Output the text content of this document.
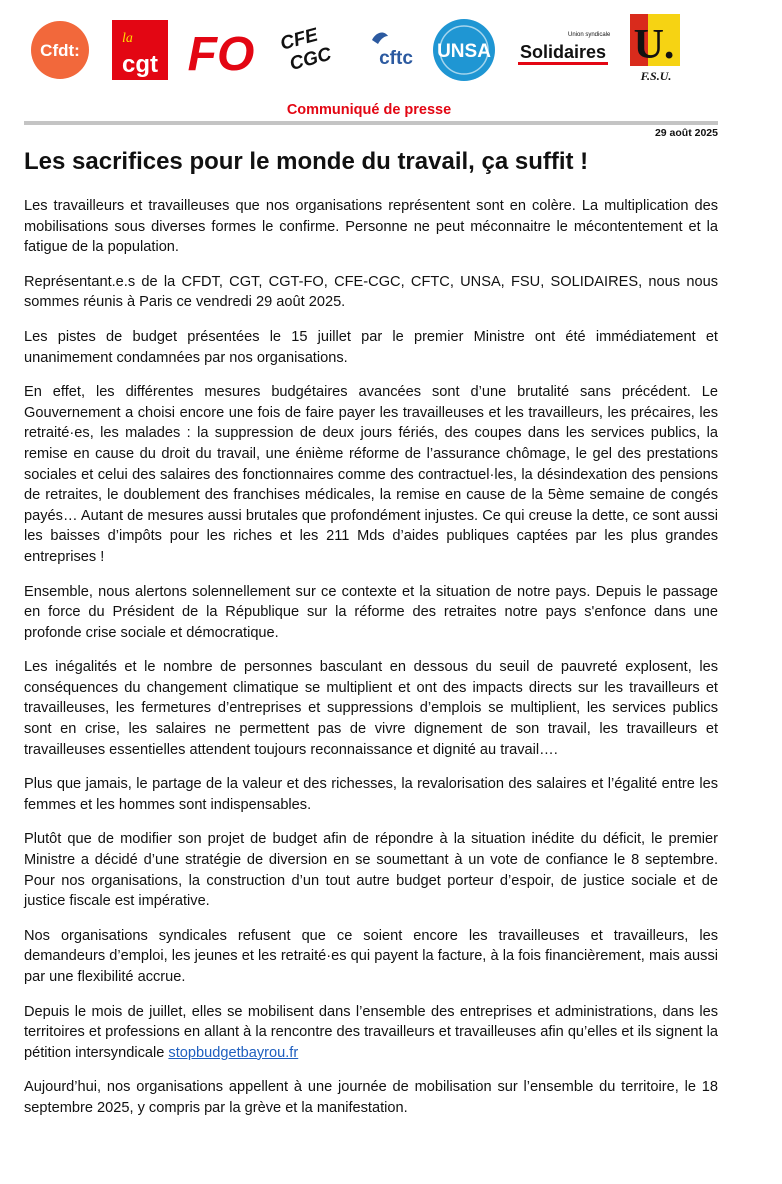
Cfdt:
la
cgt FO CFE
CGC cftc UNSA
Union syndicale
Solidaires U.
F.S.U.
Communiqué de presse
29 août 2025
Les sacrifices pour le monde du travail, ça suffit !

Les travailleurs et travailleuses que nos organisations représentent sont en colère. La multiplication des mobilisations sous diverses formes le confirme. Personne ne peut méconnaitre le mécontentement et la fatigue de la population.

Représentant.e.s de la CFDT, CGT, CGT-FO, CFE-CGC, CFTC, UNSA, FSU, SOLIDAIRES, nous nous sommes réunis à Paris ce vendredi 29 août 2025.

Les pistes de budget présentées le 15 juillet par le premier Ministre ont été immédiatement et unanimement condamnées par nos organisations.

En effet, les différentes mesures budgétaires avancées sont d’une brutalité sans précédent. Le Gouvernement a choisi encore une fois de faire payer les travailleuses et les travailleurs, les précaires, les retraité·es, les malades : la suppression de deux jours fériés, des coupes dans les services publics, la remise en cause du droit du travail, une énième réforme de l’assurance chômage, le gel des prestations sociales et celui des salaires des fonctionnaires comme des contractuel·les, la désindexation des pensions de retraites, le doublement des franchises médicales, la remise en cause de la 5ème semaine de congés payés… Autant de mesures aussi brutales que profondément injustes. Ce qui creuse la dette, ce sont aussi les baisses d’impôts pour les riches et les 211 Mds d’aides publiques captées par les plus grandes entreprises !

Ensemble, nous alertons solennellement sur ce contexte et la situation de notre pays. Depuis le passage en force du Président de la République sur la réforme des retraites notre pays s'enfonce dans une profonde crise sociale et démocratique.

Les inégalités et le nombre de personnes basculant en dessous du seuil de pauvreté explosent, les conséquences du changement climatique se multiplient et ont des impacts directs sur les travailleurs et travailleuses, les fermetures d’entreprises et suppressions d’emplois se multiplient, les services publics sont en crise, les salaires ne permettent pas de vivre dignement de son travail, les travailleurs et travailleuses essentielles attendent toujours reconnaissance et dignité au travail….

Plus que jamais, le partage de la valeur et des richesses, la revalorisation des salaires et l’égalité entre les femmes et les hommes sont indispensables.

Plutôt que de modifier son projet de budget afin de répondre à la situation inédite du déficit, le premier Ministre a décidé d’une stratégie de diversion en se soumettant à un vote de confiance le 8 septembre. Pour nos organisations, la construction d’un tout autre budget porteur d’espoir, de justice sociale et de justice fiscale est impérative.

Nos organisations syndicales refusent que ce soient encore les travailleuses et travailleurs, les demandeurs d’emploi, les jeunes et les retraité·es qui payent la facture, à la fois financièrement, mais aussi par une flexibilité accrue.

Depuis le mois de juillet, elles se mobilisent dans l’ensemble des entreprises et administrations, dans les territoires et professions en allant à la rencontre des travailleurs et travailleuses afin qu’elles et ils signent la pétition intersyndicale stopbudgetbayrou.fr

Aujourd’hui, nos organisations appellent à une journée de mobilisation sur l’ensemble du territoire, le 18 septembre 2025, y compris par la grève et la manifestation.
